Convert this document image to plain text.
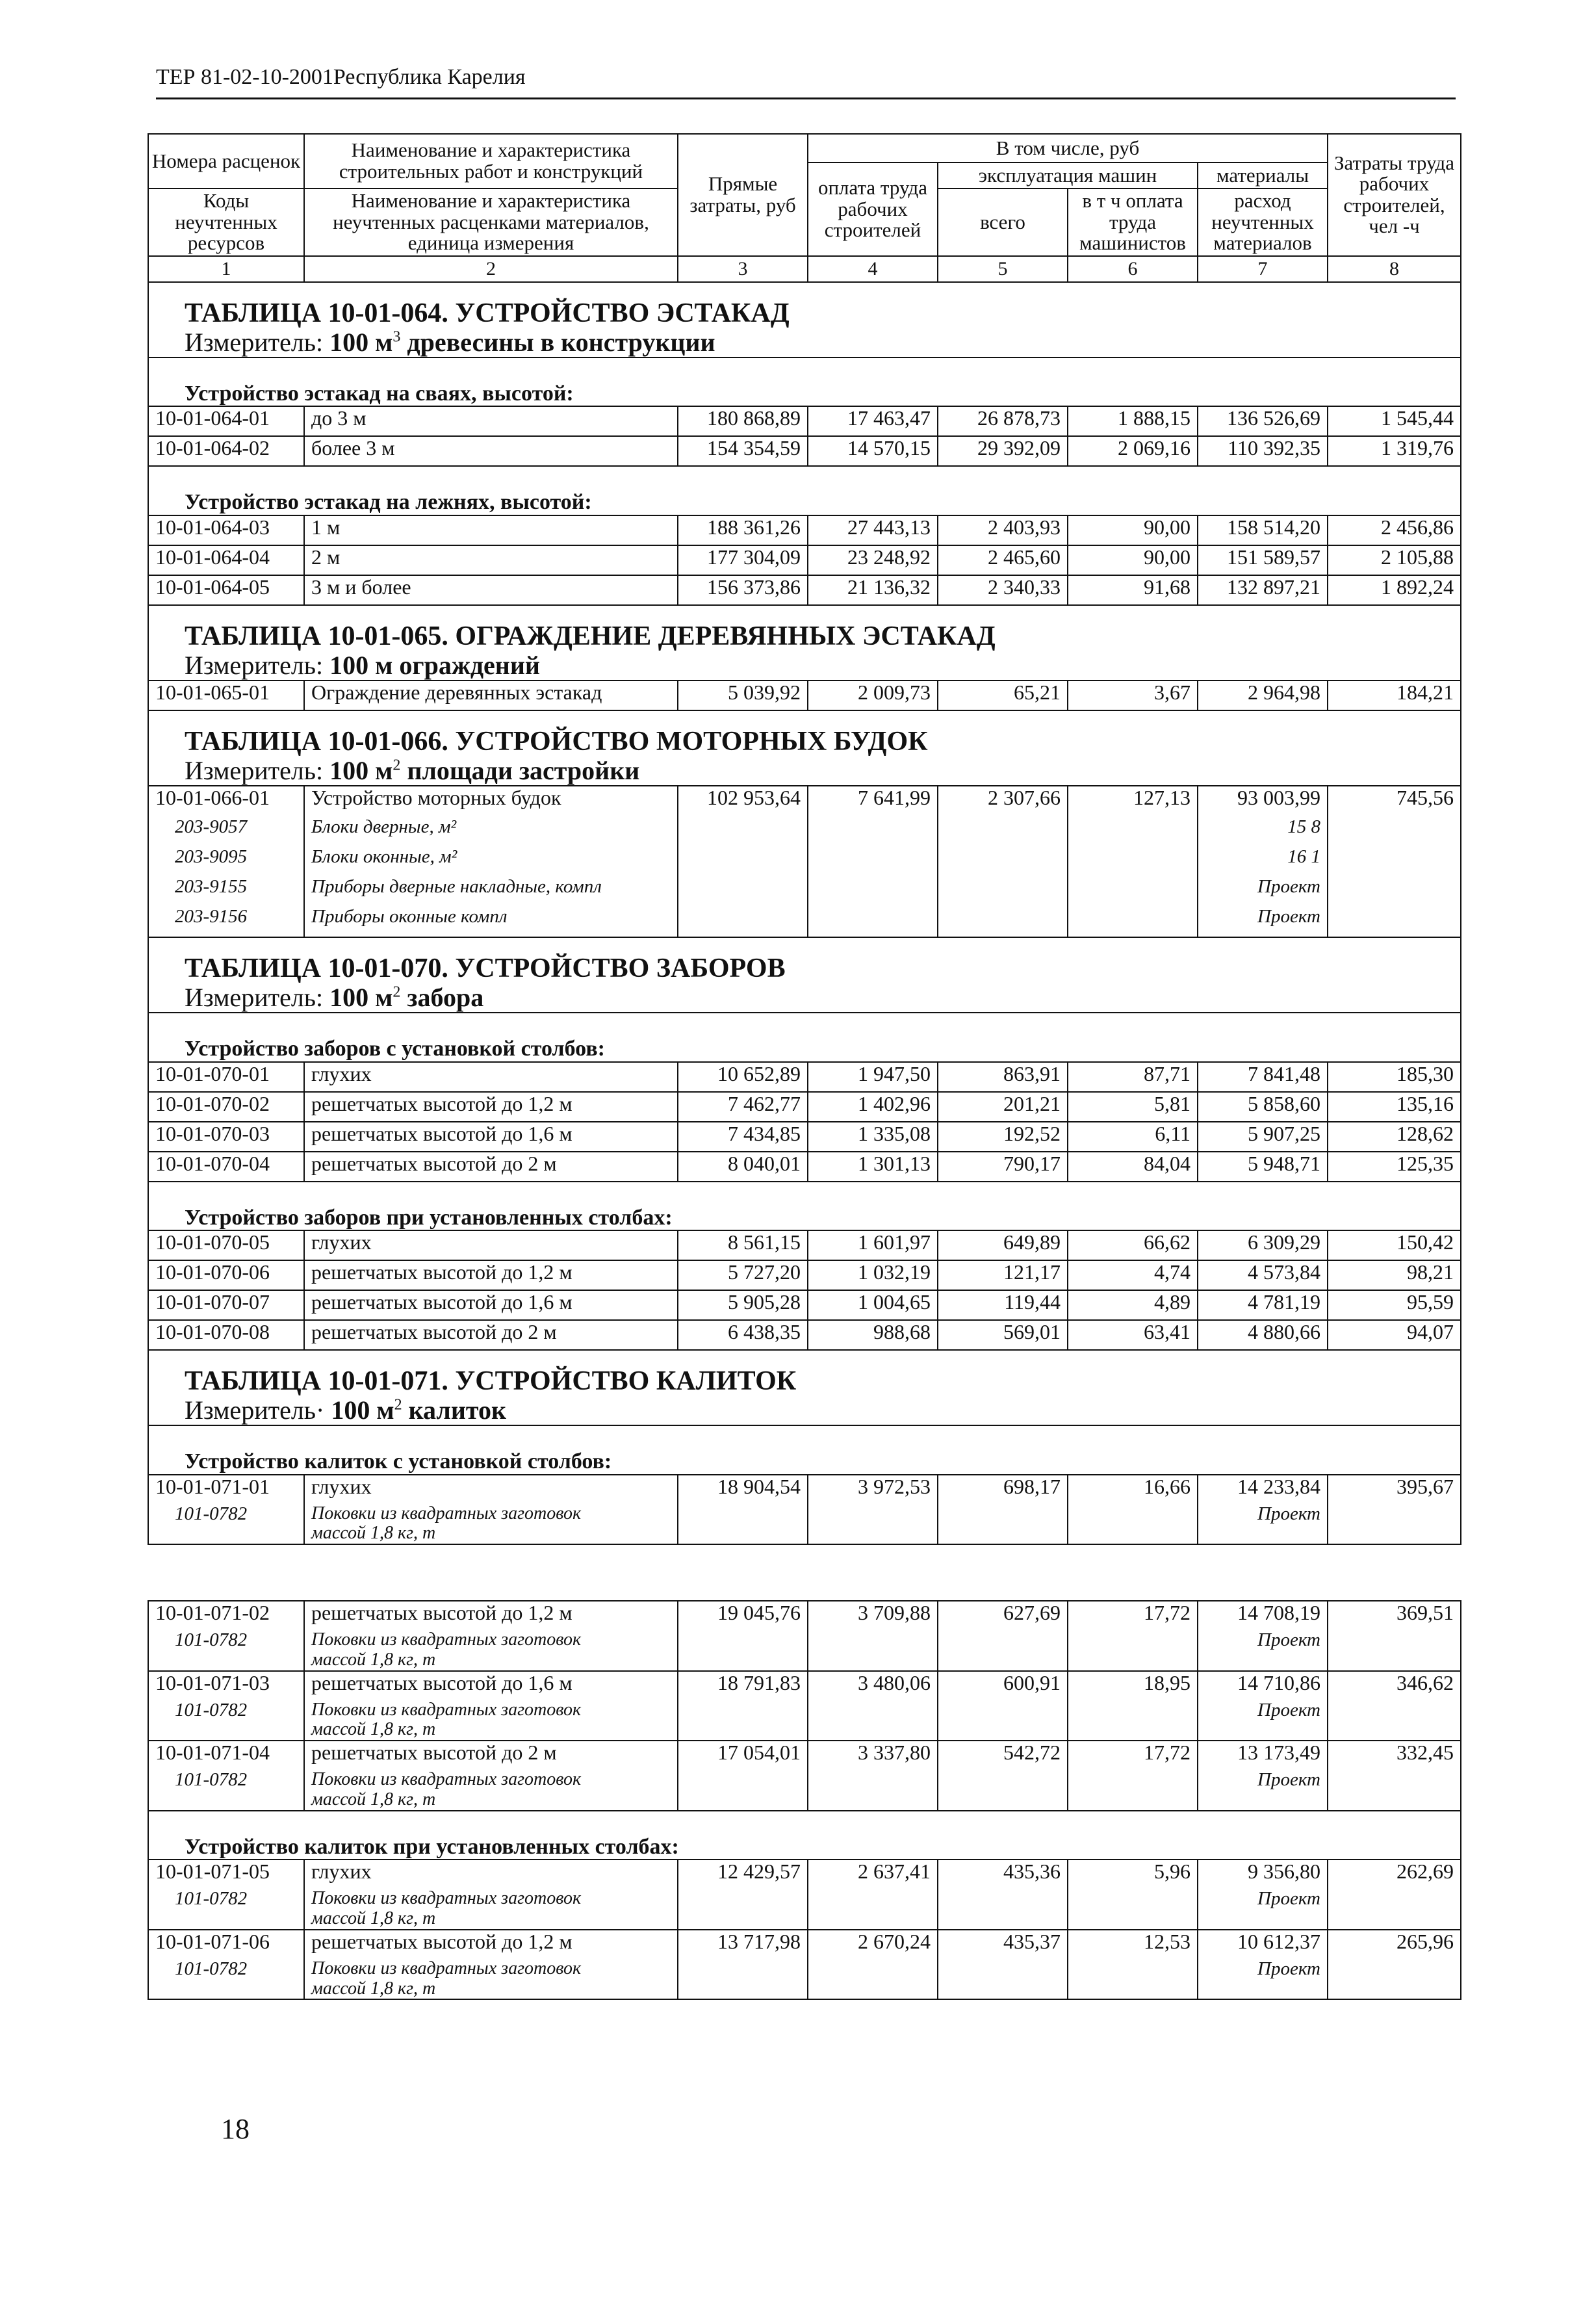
ТЕР 81-02-10-2001Республика Карелия
Номера расценок	Наименование и характеристика строительных работ и конструкций	Прямые затраты, руб	В том числе, руб				Затраты труда рабочих строителей, чел -ч
			оплата труда рабочих строителей	эксплуатация машин		материалы	
Коды неучтенных ресурсов	Наименование и характеристика неучтенных расценками материалов, единица измерения			всего	в т ч оплата труда машинистов	расход неучтенных материалов	

1	2	3	4	5	6	7	8
ТАБЛИЦА 10-01-064. УСТРОЙСТВО ЭСТАКАД							
Измеритель: 100 $м^3$ древесины в конструкции							
Устройство эстакад на сваях, высотой:							
10-01-064-01	до 3 м	180 868,89	17 463,47	26 878,73	1 888,15	136 526,69	1 545,44
10-01-064-02	более 3 м	154 354,59	14 570,15	29 392,09	2 069,16	110 392,35	1 319,76
Устройство эстакад на лежнях, высотой:							
10-01-064-03	1 м	188 361,26	27 443,13	2 403,93	90,00	158 514,20	2 456,86
10-01-064-04	2 м	177 304,09	23 248,92	2 465,60	90,00	151 589,57	2 105,88
10-01-064-05	3 м и более	156 373,86	21 136,32	2 340,33	91,68	132 897,21	1 892,24
ТАБЛИЦА 10-01-065. ОГРАЖДЕНИЕ ДЕРЕВЯННЫХ ЭСТАКАД							
Измеритель: 100 м ограждений							
10-01-065-01	Ограждение деревянных эстакад	5 039,92	2 009,73	65,21	3,67	2 964,98	184,21
ТАБЛИЦА 10-01-066. УСТРОЙСТВО МОТОРНЫХ БУДОК							
Измеритель: 100 $м^2$ площади застройки							
10-01-066-01	Устройство моторных будок	102 953,64	7 641,99	2 307,66	127,13	93 003,99	745,56
203-9057	Блоки дверные, м²					15 8	
203-9095	Блоки оконные, м²					16 1	
203-9155	Приборы дверные накладные, компл					Проект	
203-9156	Приборы оконные компл					Проект	
ТАБЛИЦА 10-01-070. УСТРОЙСТВО ЗАБОРОВ							
Измеритель: 100 $м^2$ забора							
Устройство заборов с установкой столбов:							
10-01-070-01	глухих	10 652,89	1 947,50	863,91	87,71	7 841,48	185,30
10-01-070-02	решетчатых высотой до 1,2 м	7 462,77	1 402,96	201,21	5,81	5 858,60	135,16
10-01-070-03	решетчатых высотой до 1,6 м	7 434,85	1 335,08	192,52	6,11	5 907,25	128,62
10-01-070-04	решетчатых высотой до 2 м	8 040,01	1 301,13	790,17	84,04	5 948,71	125,35
Устройство заборов при установленных столбах:							
10-01-070-05	глухих	8 561,15	1 601,97	649,89	66,62	6 309,29	150,42
10-01-070-06	решетчатых высотой до 1,2 м	5 727,20	1 032,19	121,17	4,74	4 573,84	98,21
10-01-070-07	решетчатых высотой до 1,6 м	5 905,28	1 004,65	119,44	4,89	4 781,19	95,59
10-01-070-08	решетчатых высотой до 2 м	6 438,35	988,68	569,01	63,41	4 880,66	94,07
ТАБЛИЦА 10-01-071. УСТРОЙСТВО КАЛИТОК							
Измеритель· 100 $м^2$ калиток							
Устройство калиток с установкой столбов:							
10-01-071-01	глухих	18 904,54	3 972,53	698,17	16,66	14 233,84	395,67
101-0782	Поковки из квадратных заготовок
массой 1,8 кг, т					Проект	
10-01-071-02	решетчатых высотой до 1,2 м	19 045,76	3 709,88	627,69	17,72	14 708,19	369,51
101-0782	Поковки из квадратных заготовок
массой 1,8 кг, т					Проект	
10-01-071-03	решетчатых высотой до 1,6 м	18 791,83	3 480,06	600,91	18,95	14 710,86	346,62
101-0782	Поковки из квадратных заготовок
массой 1,8 кг, т					Проект	
10-01-071-04	решетчатых высотой до 2 м	17 054,01	3 337,80	542,72	17,72	13 173,49	332,45
101-0782	Поковки из квадратных заготовок
массой 1,8 кг, т					Проект	
Устройство калиток при установленных столбах:							
10-01-071-05	глухих	12 429,57	2 637,41	435,36	5,96	9 356,80	262,69
101-0782	Поковки из квадратных заготовок
массой 1,8 кг, т					Проект	
10-01-071-06	решетчатых высотой до 1,2 м	13 717,98	2 670,24	435,37	12,53	10 612,37	265,96
101-0782	Поковки из квадратных заготовок
массой 1,8 кг, т					Проект	
18
